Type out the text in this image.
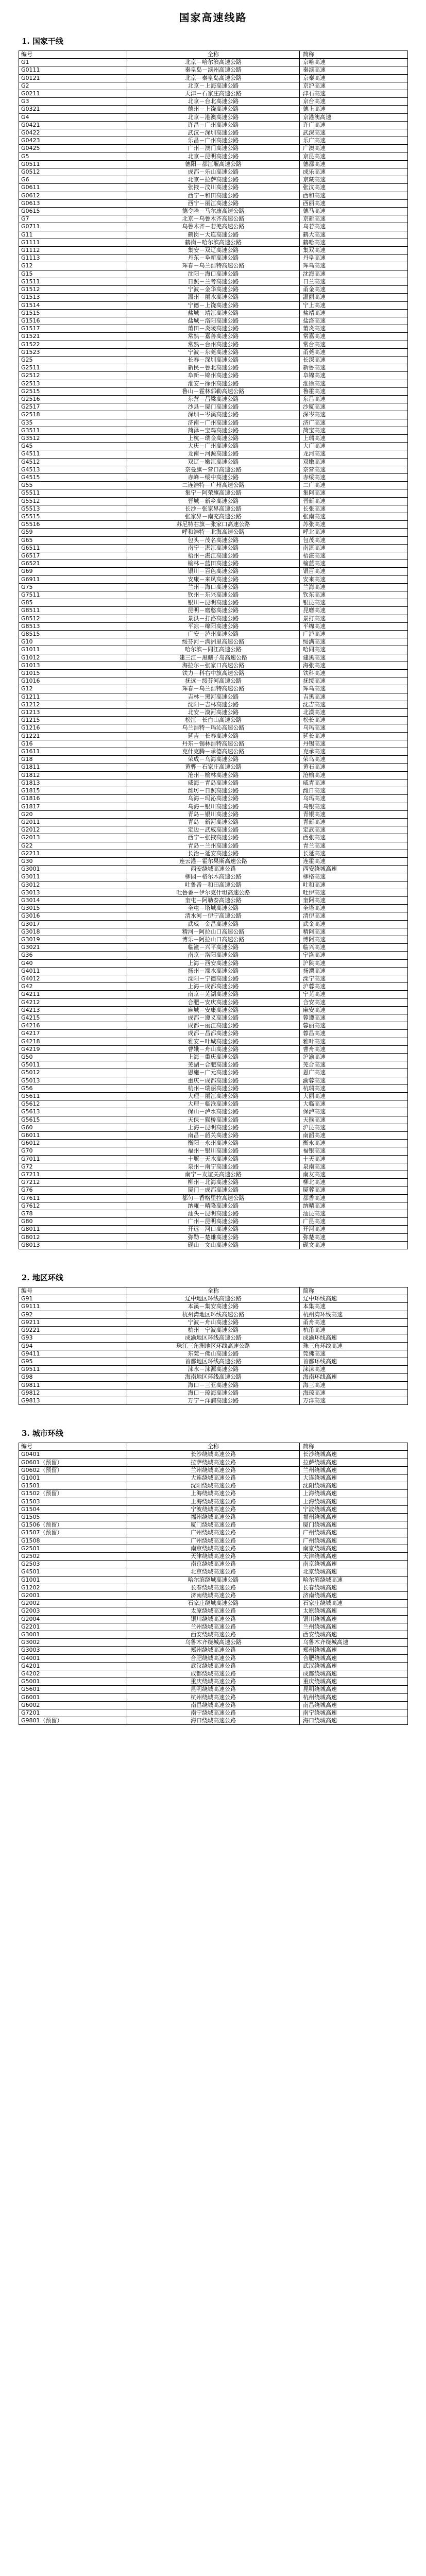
国家高速线路
1. 国家干线
编号	全称	简称
G1	北京－哈尔滨高速公路	京哈高速
G0111	秦皇岛－滨州高速公路	秦滨高速
G0121	北京－秦皇岛高速公路	京秦高速
G2	北京－上海高速公路	京沪高速
G0211	天津－石家庄高速公路	津石高速
G3	北京－台北高速公路	京台高速
G0321	德州－上饶高速公路	德上高速
G4	北京－港澳高速公路	京港澳高速
G0421	许昌－广州高速公路	许广高速
G0422	武汉－深圳高速公路	武深高速
G0423	乐昌－广州高速公路	乐广高速
G0425	广州－澳门高速公路	广澳高速
G5	北京－昆明高速公路	京昆高速
G0511	德阳－都江堰高速公路	德都高速
G0512	成都－乐山高速公路	成乐高速
G6	北京－拉萨高速公路	京藏高速
G0611	张掖－汶川高速公路	张汶高速
G0612	西宁－和田高速公路	西和高速
G0613	西宁－丽江高速公路	西丽高速
G0615	德令哈－马尔康高速公路	德马高速
G7	北京－乌鲁木齐高速公路	京新高速
G0711	乌鲁木齐－若羌高速公路	乌若高速
G11	鹤岗－大连高速公路	鹤大高速
G1111	鹤岗－哈尔滨高速公路	鹤哈高速
G1112	集安－双辽高速公路	集双高速
G1113	丹东－阜新高速公路	丹阜高速
G12	珲春－乌兰浩特高速公路	珲乌高速
G15	沈阳－海口高速公路	沈海高速
G1511	日照－兰考高速公路	日兰高速
G1512	宁波－金华高速公路	甬金高速
G1513	温州－丽水高速公路	温丽高速
G1514	宁德－上饶高速公路	宁上高速
G1515	盐城－靖江高速公路	盐靖高速
G1516	盐城－洛阳高速公路	盐洛高速
G1517	莆田－炎陵高速公路	莆炎高速
G1521	常熟－嘉善高速公路	常嘉高速
G1522	常熟－台州高速公路	常台高速
G1523	宁波－东莞高速公路	甬莞高速
G25	长春－深圳高速公路	长深高速
G2511	新民－鲁北高速公路	新鲁高速
G2512	阜新－锦州高速公路	阜锦高速
G2513	淮安－徐州高速公路	淮徐高速
G2515	鲁山－霍林郭勒高速公路	鲁霍高速
G2516	东营－吕梁高速公路	东吕高速
G2517	沙县－厦门高速公路	沙厦高速
G2518	深圳－岑溪高速公路	深岑高速
G35	济南－广州高速公路	济广高速
G3511	菏泽－宝鸡高速公路	菏宝高速
G3512	上杭－瑞金高速公路	上瑞高速
G45	大庆－广州高速公路	大广高速
G4511	龙南－河源高速公路	龙河高速
G4512	双辽－嫩江高速公路	双嫩高速
G4513	奈曼旗－营口高速公路	奈营高速
G4515	赤峰－绥中高速公路	赤绥高速
G55	二连浩特－广州高速公路	二广高速
G5511	集宁－阿荣旗高速公路	集阿高速
G5512	晋城－新乡高速公路	晋新高速
G5513	长沙－张家界高速公路	长张高速
G5515	张家界－南充高速公路	张南高速
G5516	苏尼特右旗－张家口高速公路	苏张高速
G59	呼和浩特－北海高速公路	呼北高速
G65	包头－茂名高速公路	包茂高速
G6511	南宁－湛江高速公路	南湛高速
G6517	梧州－湛江高速公路	梧湛高速
G6521	榆林－蓝田高速公路	榆蓝高速
G69	银川－百色高速公路	银百高速
G6911	安康－来凤高速公路	安来高速
G75	兰州－海口高速公路	兰海高速
G7511	钦州－东兴高速公路	钦东高速
G85	银川－昆明高速公路	银昆高速
G8511	昆明－磨憨高速公路	昆磨高速
G8512	景洪－打洛高速公路	景打高速
G8513	平凉－绵阳高速公路	平绵高速
G8515	广安－泸州高速公路	广泸高速
G10	绥芬河－满洲里高速公路	绥满高速
G1011	哈尔滨－同江高速公路	哈同高速
G1012	建三江－黑瞎子岛高速公路	建黑高速
G1013	海拉尔－张家口高速公路	海张高速
G1015	铁力－科右中旗高速公路	铁科高速
G1016	抚远－绥芬河高速公路	抚绥高速
G12	珲春－乌兰浩特高速公路	珲乌高速
G1211	吉林－黑河高速公路	吉黑高速
G1212	沈阳－吉林高速公路	沈吉高速
G1213	北安－漠河高速公路	北漠高速
G1215	松江－长白山高速公路	松长高速
G1216	乌兰浩特－玛沁高速公路	乌玛高速
G1221	延吉－长春高速公路	延长高速
G16	丹东－锡林浩特高速公路	丹锡高速
G1611	克什克腾－承德高速公路	克承高速
G18	荣成－乌海高速公路	荣乌高速
G1811	黄骅－石家庄高速公路	黄石高速
G1812	沧州－榆林高速公路	沧榆高速
G1813	威海－青岛高速公路	威青高速
G1815	潍坊－日照高速公路	潍日高速
G1816	乌海－玛沁高速公路	乌玛高速
G1817	乌海－银川高速公路	乌银高速
G20	青岛－银川高速公路	青银高速
G2011	青岛－新河高速公路	青新高速
G2012	定边－武威高速公路	定武高速
G2013	西宁－张掖高速公路	西张高速
G22	青岛－兰州高速公路	青兰高速
G2211	长治－延安高速公路	长延高速
G30	连云港－霍尔果斯高速公路	连霍高速
G3001	西安绕城高速公路	西安绕城高速
G3011	柳园－格尔木高速公路	柳格高速
G3012	吐鲁番－和田高速公路	吐和高速
G3013	吐鲁番－伊尔克什坦高速公路	吐伊高速
G3014	奎屯－阿勒泰高速公路	奎阿高速
G3015	奎屯－塔城高速公路	奎塔高速
G3016	清水河－伊宁高速公路	清伊高速
G3017	武威－金昌高速公路	武金高速
G3018	精河－阿拉山口高速公路	精阿高速
G3019	博乐－阿拉山口高速公路	博阿高速
G3021	临潼－兴平高速公路	临兴高速
G36	南京－洛阳高速公路	宁洛高速
G40	上海－西安高速公路	沪陕高速
G4011	扬州－溧水高速公路	扬溧高速
G4012	溧阳－宁德高速公路	溧宁高速
G42	上海－成都高速公路	沪蓉高速
G4211	南京－芜湖高速公路	宁芜高速
G4212	合肥－安庆高速公路	合安高速
G4213	麻城－安康高速公路	麻安高速
G4215	成都－遵义高速公路	蓉遵高速
G4216	成都－丽江高速公路	蓉丽高速
G4217	成都－昌都高速公路	蓉昌高速
G4218	雅安－叶城高速公路	雅叶高速
G4219	曹娥－舟山高速公路	曹舟高速
G50	上海－重庆高速公路	沪渝高速
G5011	芜湖－合肥高速公路	芜合高速
G5012	恩施－广元高速公路	恩广高速
G5013	重庆－成都高速公路	渝蓉高速
G56	杭州－瑞丽高速公路	杭瑞高速
G5611	大理－丽江高速公路	大丽高速
G5612	大理－临沧高速公路	大临高速
G5613	保山－泸水高速公路	保泸高速
G5615	天保－猴桥高速公路	天猴高速
G60	上海－昆明高速公路	沪昆高速
G6011	南昌－韶关高速公路	南韶高速
G6012	衡阳－永州高速公路	衡永高速
G70	福州－银川高速公路	福银高速
G7011	十堰－天水高速公路	十天高速
G72	泉州－南宁高速公路	泉南高速
G7211	南宁－友谊关高速公路	南友高速
G7212	柳州－北海高速公路	柳北高速
G76	厦门－成都高速公路	厦蓉高速
G7611	都匀－香格里拉高速公路	都香高速
G7612	纳雍－晴隆高速公路	纳晴高速
G78	汕头－昆明高速公路	汕昆高速
G80	广州－昆明高速公路	广昆高速
G8011	开远－河口高速公路	开河高速
G8012	弥勒－楚雄高速公路	弥楚高速
G8013	砚山－文山高速公路	砚文高速
2. 地区环线
编号	全称	简称
G91	辽中地区环线高速公路	辽中环线高速
G9111	本溪－集安高速公路	本集高速
G92	杭州湾地区环线高速公路	杭州湾环线高速
G9211	宁波－舟山高速公路	甬舟高速
G9221	杭州－宁波高速公路	杭甬高速
G93	成渝地区环线高速公路	成渝环线高速
G94	珠江三角洲地区环线高速公路	珠三角环线高速
G9411	东莞－佛山高速公路	莞佛高速
G95	首都地区环线高速公路	首都环线高速
G9511	涞水－涞源高速公路	涞涞高速
G98	海南地区环线高速公路	海南环线高速
G9811	海口－三亚高速公路	海三高速
G9812	海口－琼海高速公路	海琼高速
G9813	万宁－洋浦高速公路	万洋高速
3. 城市环线
编号	全称	简称
G0401	长沙绕城高速公路	长沙绕城高速
G0601（预留）	拉萨绕城高速公路	拉萨绕城高速
G0602（预留）	兰州绕城高速公路	兰州绕城高速
G1001	大连绕城高速公路	大连绕城高速
G1501	沈阳绕城高速公路	沈阳绕城高速
G1502（预留）	上海绕城高速公路	上海绕城高速
G1503	上海绕城高速公路	上海绕城高速
G1504	宁波绕城高速公路	宁波绕城高速
G1505	福州绕城高速公路	福州绕城高速
G1506（预留）	厦门绕城高速公路	厦门绕城高速
G1507（预留）	广州绕城高速公路	广州绕城高速
G1508	广州绕城高速公路	广州绕城高速
G2501	南京绕城高速公路	南京绕城高速
G2502	天津绕城高速公路	天津绕城高速
G2503	南京绕城高速公路	南京绕城高速
G4501	北京绕城高速公路	北京绕城高速
G1001	哈尔滨绕城高速公路	哈尔滨绕城高速
G1202	长春绕城高速公路	长春绕城高速
G2001	济南绕城高速公路	济南绕城高速
G2002	石家庄绕城高速公路	石家庄绕城高速
G2003	太原绕城高速公路	太原绕城高速
G2004	银川绕城高速公路	银川绕城高速
G2201	兰州绕城高速公路	兰州绕城高速
G3001	西安绕城高速公路	西安绕城高速
G3002	乌鲁木齐绕城高速公路	乌鲁木齐绕城高速
G3003	郑州绕城高速公路	郑州绕城高速
G4001	合肥绕城高速公路	合肥绕城高速
G4201	武汉绕城高速公路	武汉绕城高速
G4202	成都绕城高速公路	成都绕城高速
G5001	重庆绕城高速公路	重庆绕城高速
G5601	昆明绕城高速公路	昆明绕城高速
G6001	杭州绕城高速公路	杭州绕城高速
G6002	南昌绕城高速公路	南昌绕城高速
G7201	南宁绕城高速公路	南宁绕城高速
G9801（预留）	海口绕城高速公路	海口绕城高速
